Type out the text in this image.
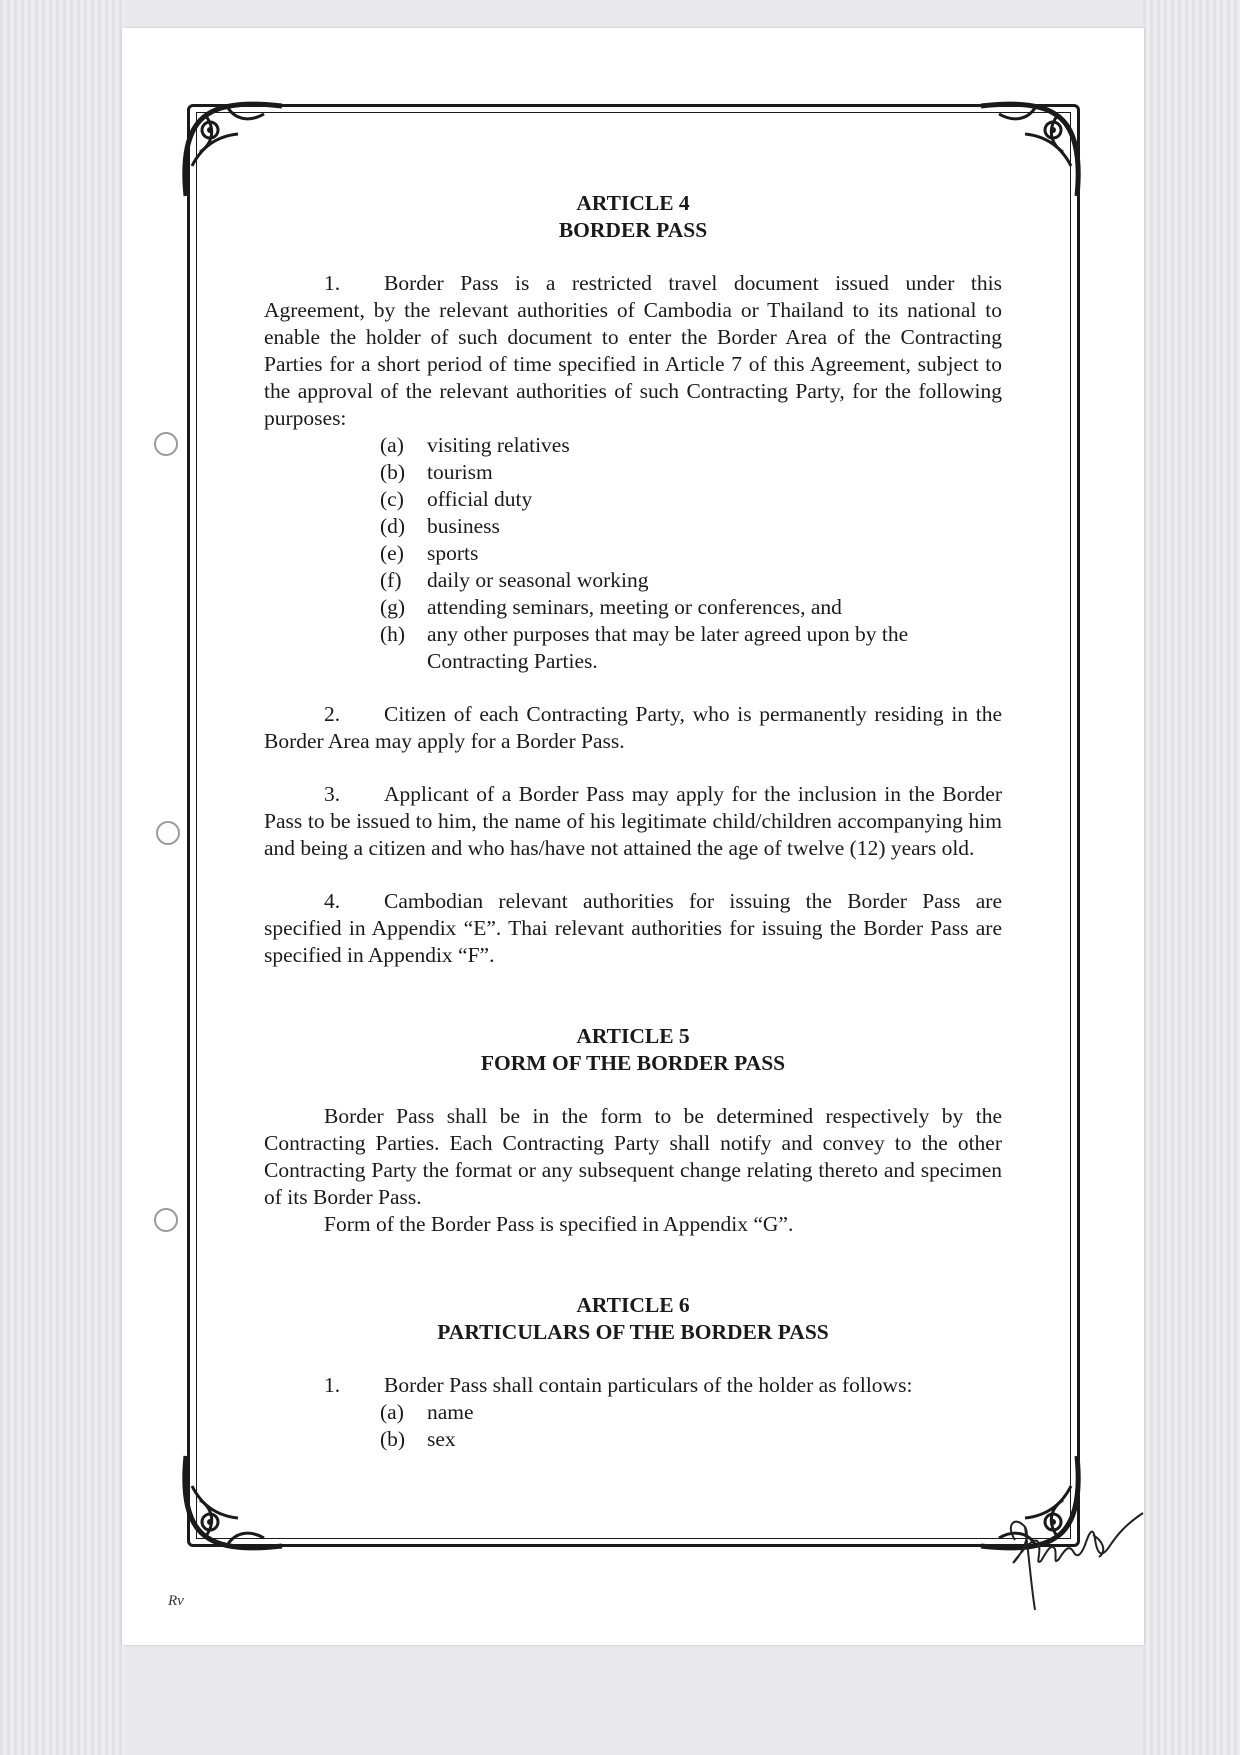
ARTICLE 4

BORDER PASS

1. Border Pass is a restricted travel document issued under this Agreement, by the relevant authorities of Cambodia or Thailand to its national to enable the holder of such document to enter the Border Area of the Contracting Parties for a short period of time specified in Article 7 of this Agreement, subject to the approval of the relevant authorities of such Contracting Party, for the following purposes:

(a)	visiting relatives
(b)	tourism
(c)	official duty
(d)	business
(e)	sports
(f)	daily or seasonal working
(g)	attending seminars, meeting or conferences, and
(h)	any other purposes that may be later agreed upon by the Contracting Parties.

2. Citizen of each Contracting Party, who is permanently residing in the Border Area may apply for a Border Pass.

3. Applicant of a Border Pass may apply for the inclusion in the Border Pass to be issued to him, the name of his legitimate child/children accompanying him and being a citizen and who has/have not attained the age of twelve (12) years old.

4. Cambodian relevant authorities for issuing the Border Pass are specified in Appendix “E”. Thai relevant authorities for issuing the Border Pass are specified in Appendix “F”.

ARTICLE 5

FORM OF THE BORDER PASS

Border Pass shall be in the form to be determined respectively by the Contracting Parties. Each Contracting Party shall notify and convey to the other Contracting Party the format or any subsequent change relating thereto and specimen of its Border Pass.

Form of the Border Pass is specified in Appendix “G”.

ARTICLE 6

PARTICULARS OF THE BORDER PASS

1. Border Pass shall contain particulars of the holder as follows:

(a)	name
(b)	sex
Rv
